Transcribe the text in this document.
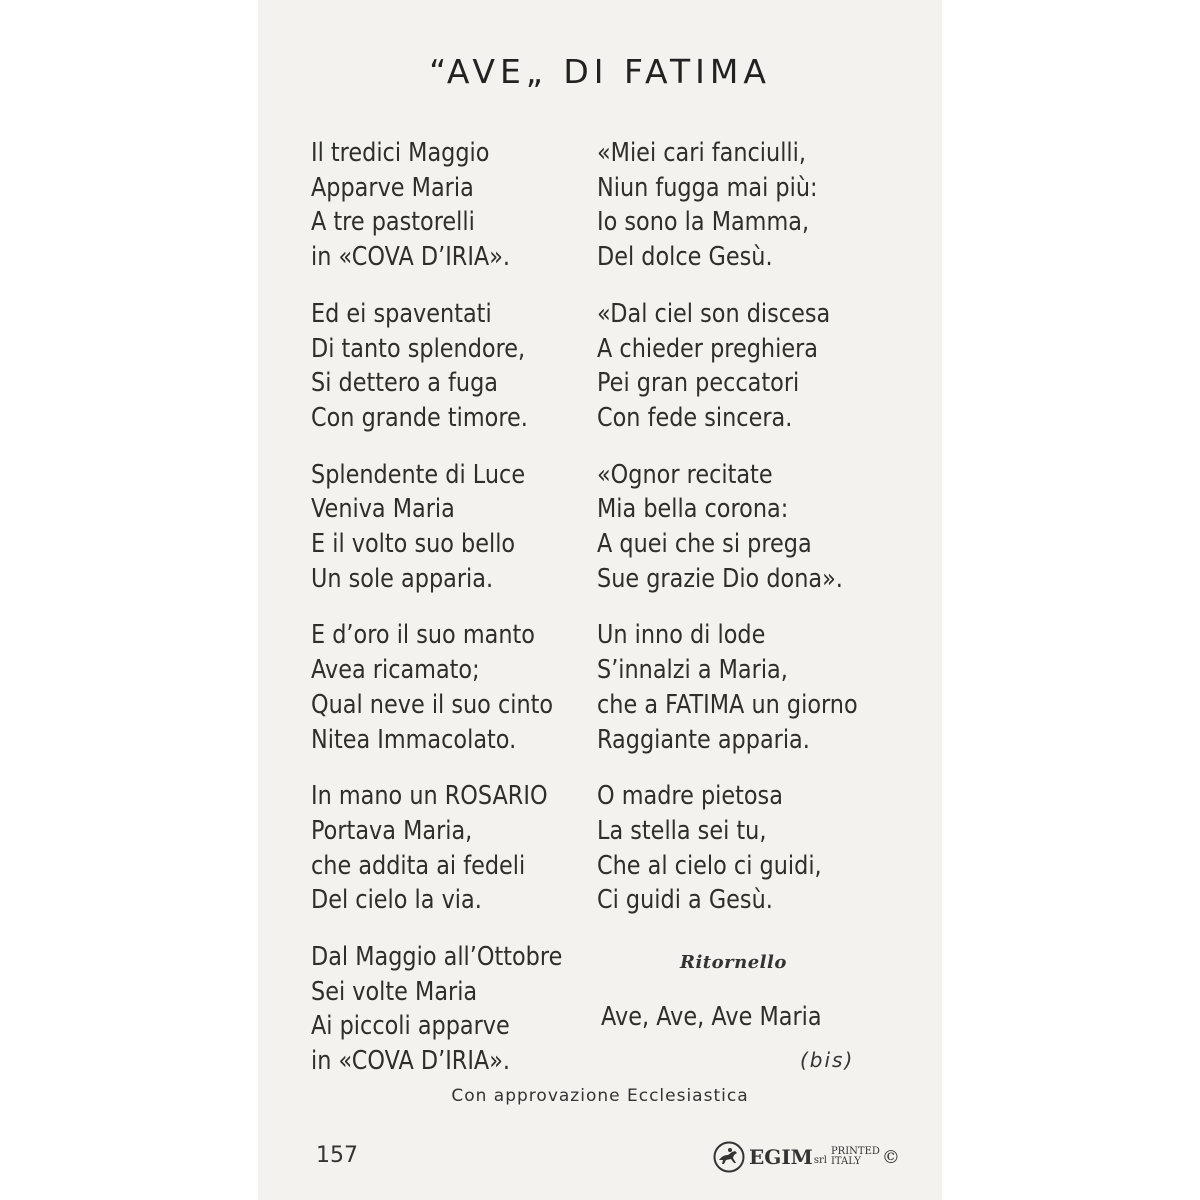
“AVE„ DI FATIMA
Il tredici Maggio
Apparve Maria
A tre pastorelli
in «COVA D’IRIA».
Ed ei spaventati
Di tanto splendore,
Si dettero a fuga
Con grande timore.
Splendente di Luce
Veniva Maria
E il volto suo bello
Un sole apparia.
E d’oro il suo manto
Avea ricamato;
Qual neve il suo cinto
Nitea Immacolato.
In mano un ROSARIO
Portava Maria,
che addita ai fedeli
Del cielo la via.
Dal Maggio all’Ottobre
Sei volte Maria
Ai piccoli apparve
in «COVA D’IRIA».
«Miei cari fanciulli,
Niun fugga mai più:
Io sono la Mamma,
Del dolce Gesù.
«Dal ciel son discesa
A chieder preghiera
Pei gran peccatori
Con fede sincera.
«Ognor recitate
Mia bella corona:
A quei che si prega
Sue grazie Dio dona».
Un inno di lode
S’innalzi a Maria,
che a FATIMA un giorno
Raggiante apparia.
O madre pietosa
La stella sei tu,
Che al cielo ci guidi,
Ci guidi a Gesù.
Ritornello
Ave, Ave, Ave Maria
(bis)
Con approvazione Ecclesiastica
157	EGIM srl
PRINTED
ITALY	©
